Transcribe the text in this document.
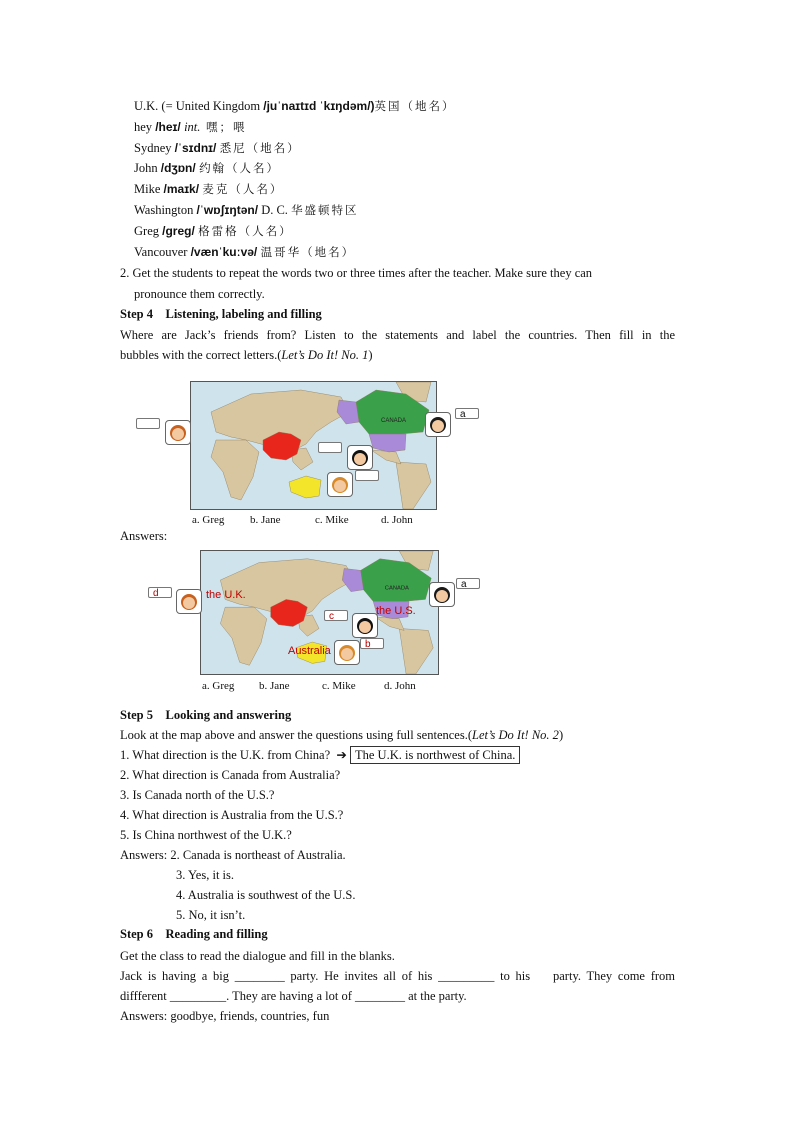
U.K. (= United Kingdom /juˈnaɪtɪd ˈkɪŋdəm/)英国（地名）
hey /heɪ/ int. 嘿；喂
Sydney /ˈsɪdnɪ/ 悉尼（地名）
John /dʒɒn/ 约翰（人名）
Mike /maɪk/ 麦克（人名）
Washington /ˈwɒʃɪŋtən/ D. C. 华盛顿特区
Greg /greg/ 格雷格（人名）
Vancouver /vænˈkuːvə/ 温哥华（地名）
2. Get the students to repeat the words two or three times after the teacher. Make sure they can
pronounce them correctly.
Step 4    Listening, labeling and filling
Where are Jack’s friends from? Listen to the statements and label the countries. Then fill in the
bubbles with the correct letters.(Let’s Do It! No. 1)
CANADA
a
a. Greg b. Jane	c. Mike	d. John
Answers:
CANADA
d
a
c
b
the U.K.
the U.S.
Australia
a. Greg b. Jane	c. Mike	d. John
Step 5    Looking and answering
Look at the map above and answer the questions using full sentences.(Let’s Do It! No. 2)
1. What direction is the U.K. from China? ➔ The U.K. is northwest of China.
2. What direction is Canada from Australia?
3. Is Canada north of the U.S.?
4. What direction is Australia from the U.S.?
5. Is China northwest of the U.K.?
Answers: 2. Canada is northeast of Australia.
3. Yes, it is.
4. Australia is southwest of the U.S.
5. No, it isn’t.
Step 6    Reading and filling
Get the class to read the dialogue and fill in the blanks.
Jack is having a big ________ party. He invites all of his _________ to his    party. They come from
diffferent _________. They are having a lot of ________ at the party.
Answers: goodbye, friends, countries, fun
